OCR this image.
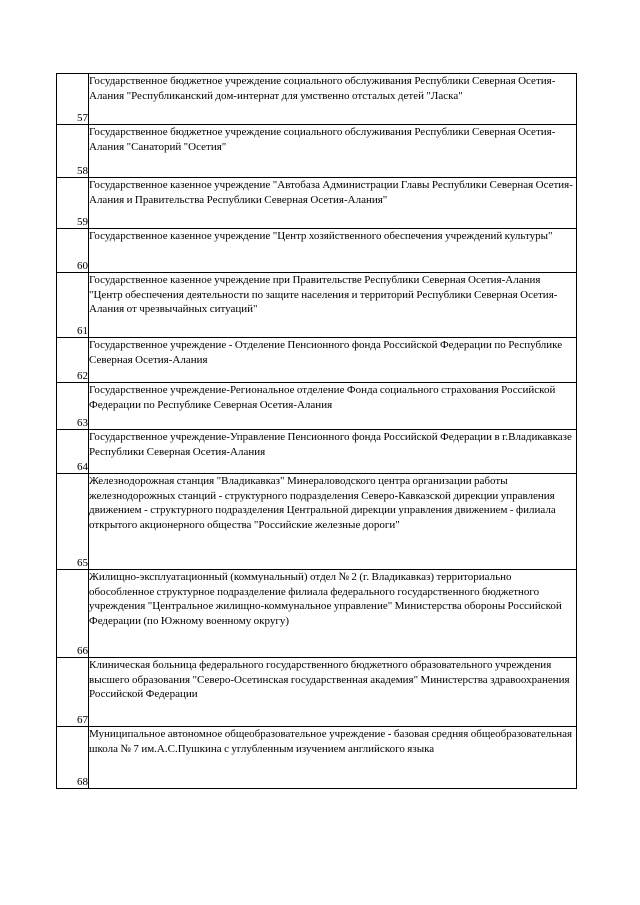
57	Государственное бюджетное учреждение социального обслуживания Республики Северная Осетия-Алания "Республиканский дом-интернат для умственно отсталых детей "Ласка"
58	Государственное бюджетное учреждение социального обслуживания Республики Северная Осетия-Алания "Санаторий "Осетия"
59	Государственное казенное учреждение "Автобаза Администрации Главы Республики Северная Осетия-Алания и Правительства Республики Северная Осетия-Алания"
60	Государственное казенное учреждение "Центр хозяйственного обеспечения учреждений культуры"
61	Государственное казенное учреждение при Правительстве Республики Северная Осетия-Алания "Центр обеспечения деятельности по защите населения и территорий Республики Северная Осетия-Алания от чрезвычайных ситуаций"
62	Государственное учреждение - Отделение Пенсионного фонда Российской Федерации по Республике Северная Осетия-Алания
63	Государственное учреждение-Региональное отделение Фонда социального страхования Российской Федерации по Республике Северная Осетия-Алания
64	Государственное учреждение-Управление Пенсионного фонда Российской Федерации в г.Владикавказе Республики Северная Осетия-Алания
65	Железнодорожная станция "Владикавказ" Минераловодского центра организации работы железнодорожных станций - структурного подразделения Северо-Кавказской дирекции управления движением - структурного подразделения Центральной дирекции управления движением - филиала открытого акционерного общества "Российские железные дороги"
66	Жилищно-эксплуатационный (коммунальный) отдел № 2 (г. Владикавказ) территориально обособленное структурное подразделение филиала федерального государственного бюджетного учреждения "Центральное жилищно-коммунальное управление" Министерства обороны Российской Федерации (по Южному военному округу)
67	Клиническая больница федерального государственного бюджетного образовательного учреждения высшего образования "Северо-Осетинская государственная академия" Министерства здравоохранения Российской Федерации
68	Муниципальное автономное общеобразовательное учреждение - базовая средняя общеобразовательная школа № 7 им.А.С.Пушкина с углубленным изучением английского языка
